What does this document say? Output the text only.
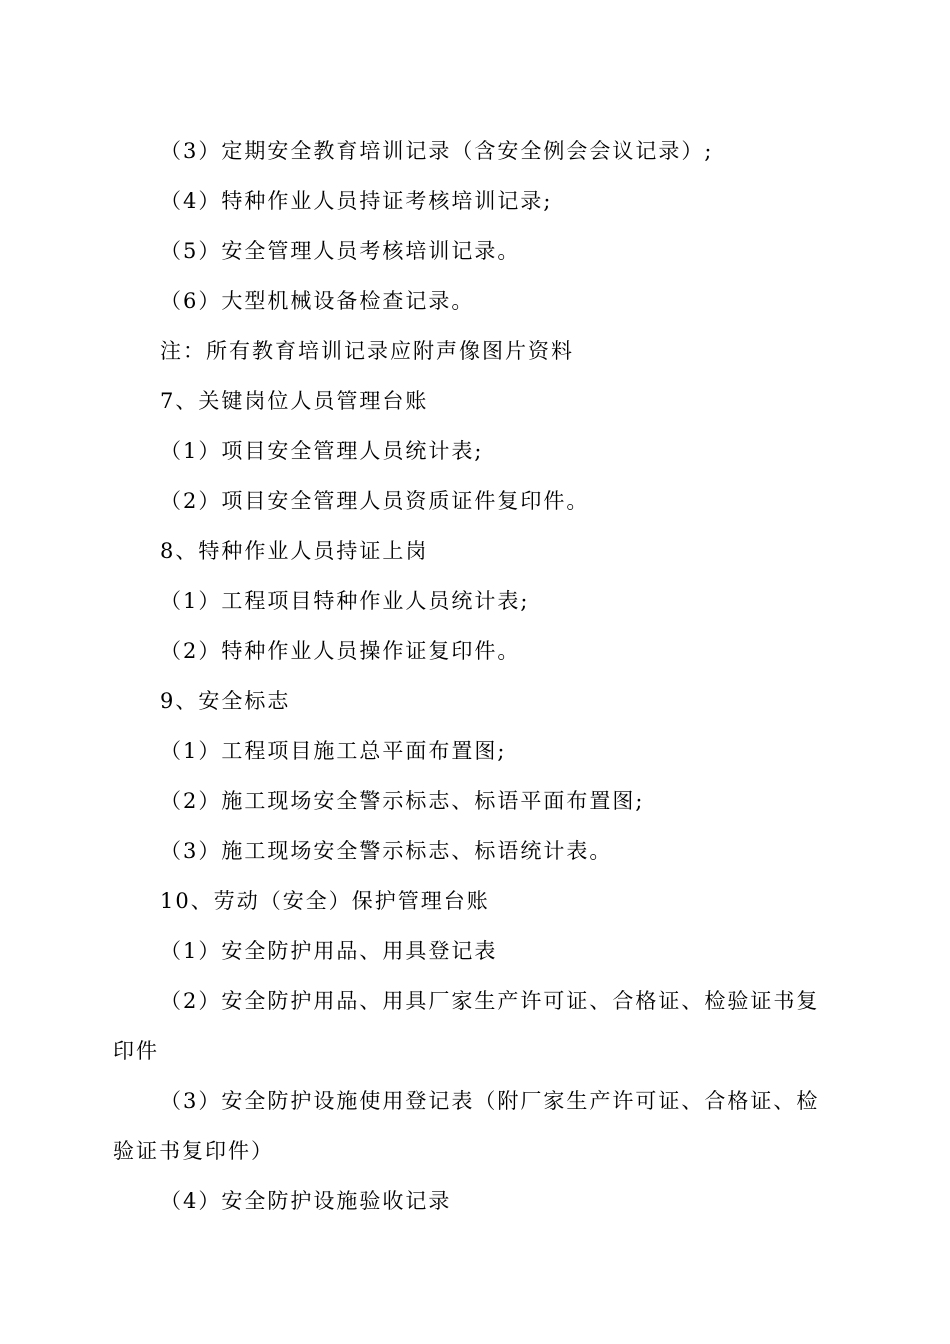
（3）定期安全教育培训记录（含安全例会会议记录）;

（4）特种作业人员持证考核培训记录;

（5）安全管理人员考核培训记录。

（6）大型机械设备检查记录。

注：所有教育培训记录应附声像图片资料

7、关键岗位人员管理台账

（1）项目安全管理人员统计表;

（2）项目安全管理人员资质证件复印件。

8、特种作业人员持证上岗

（1）工程项目特种作业人员统计表;

（2）特种作业人员操作证复印件。

9、安全标志

（1）工程项目施工总平面布置图;

（2）施工现场安全警示标志、标语平面布置图;

（3）施工现场安全警示标志、标语统计表。

10、劳动（安全）保护管理台账

（1）安全防护用品、用具登记表

（2）安全防护用品、用具厂家生产许可证、合格证、检验证书复印件

（3）安全防护设施使用登记表（附厂家生产许可证、合格证、检验证书复印件）

（4）安全防护设施验收记录
